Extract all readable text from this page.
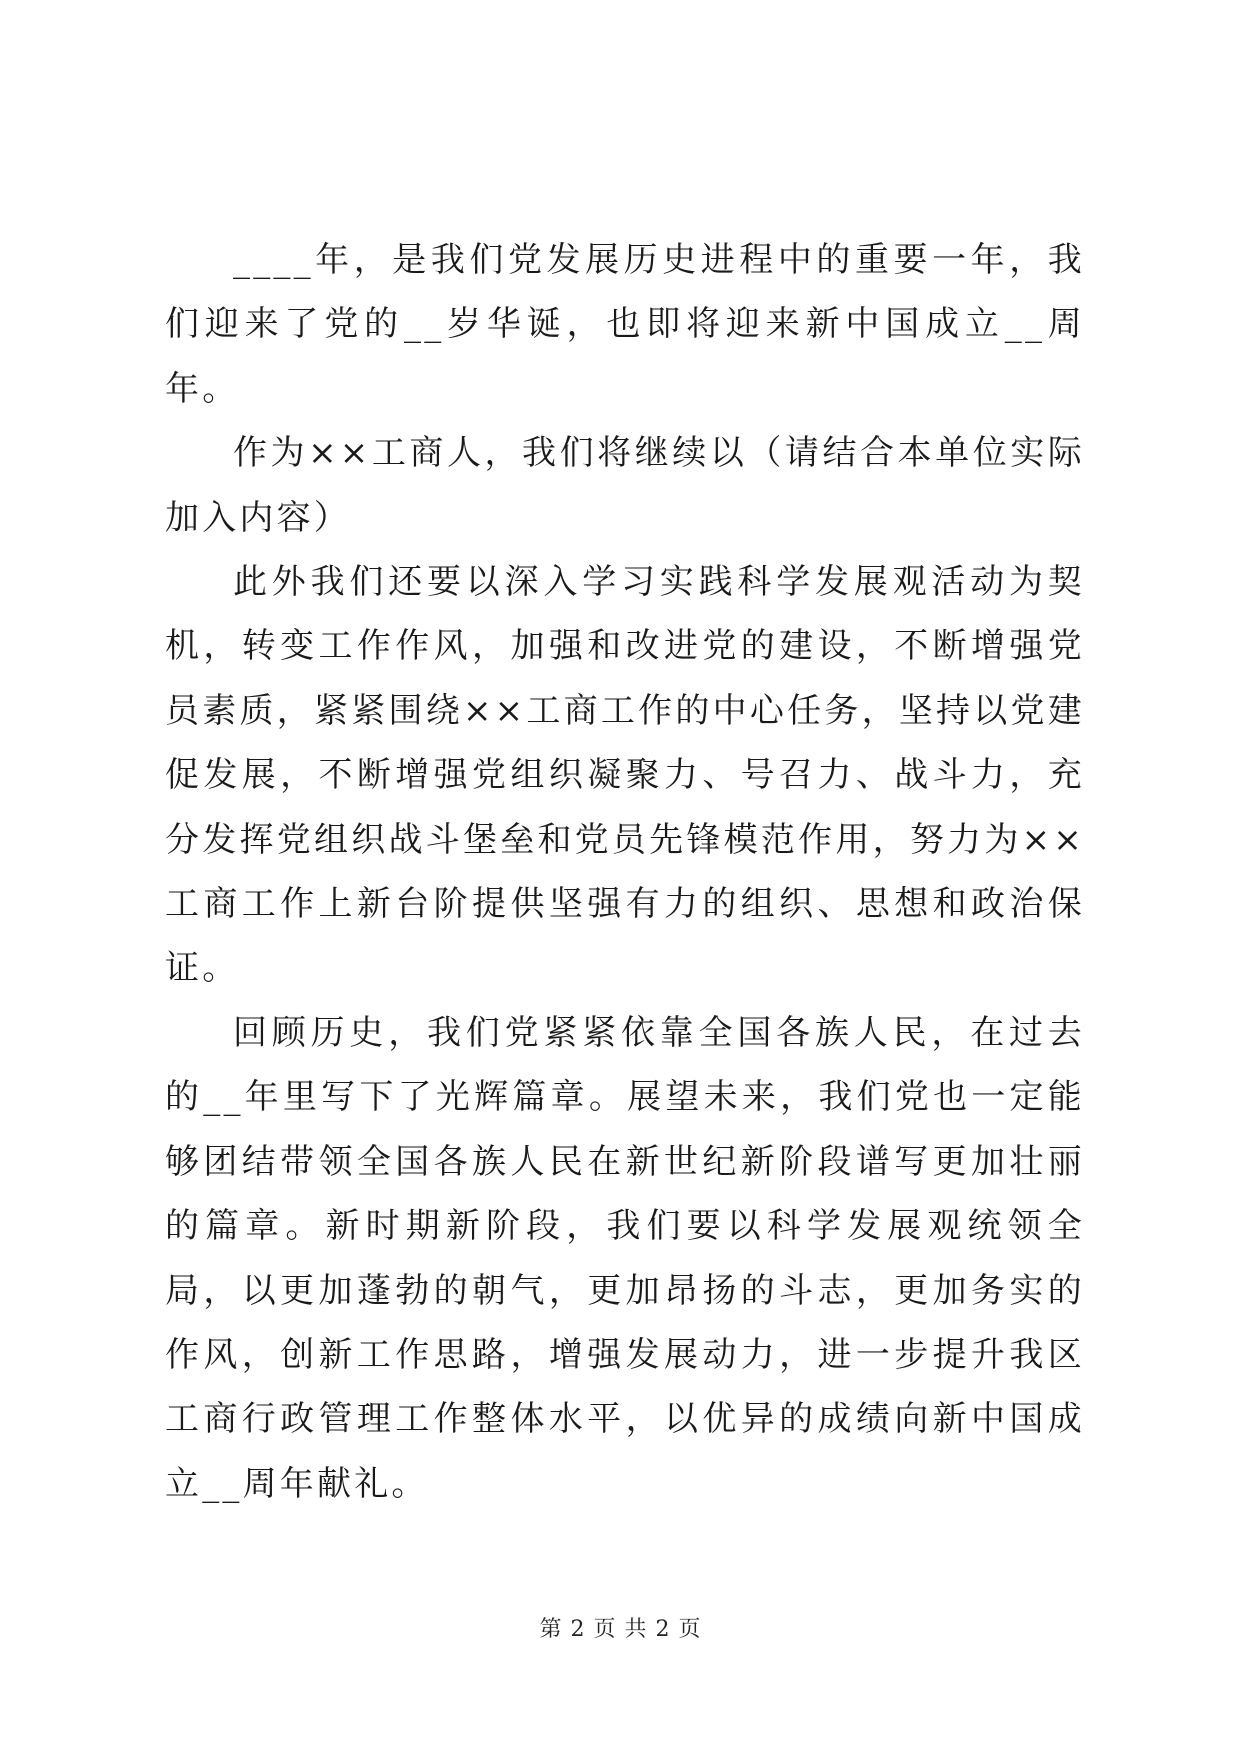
____年，是我们党发展历史进程中的重要一年，我们迎来了党的__岁华诞，也即将迎来新中国成立__周年。

作为××工商人，我们将继续以（请结合本单位实际加入内容）

此外我们还要以深入学习实践科学发展观活动为契机，转变工作作风，加强和改进党的建设，不断增强党员素质，紧紧围绕××工商工作的中心任务，坚持以党建促发展，不断增强党组织凝聚力、号召力、战斗力，充分发挥党组织战斗堡垒和党员先锋模范作用，努力为××工商工作上新台阶提供坚强有力的组织、思想和政治保证。

回顾历史，我们党紧紧依靠全国各族人民，在过去的__年里写下了光辉篇章。展望未来，我们党也一定能够团结带领全国各族人民在新世纪新阶段谱写更加壮丽的篇章。新时期新阶段，我们要以科学发展观统领全局，以更加蓬勃的朝气，更加昂扬的斗志，更加务实的作风，创新工作思路，增强发展动力，进一步提升我区工商行政管理工作整体水平，以优异的成绩向新中国成立__周年献礼。

第 2 页 共 2 页
